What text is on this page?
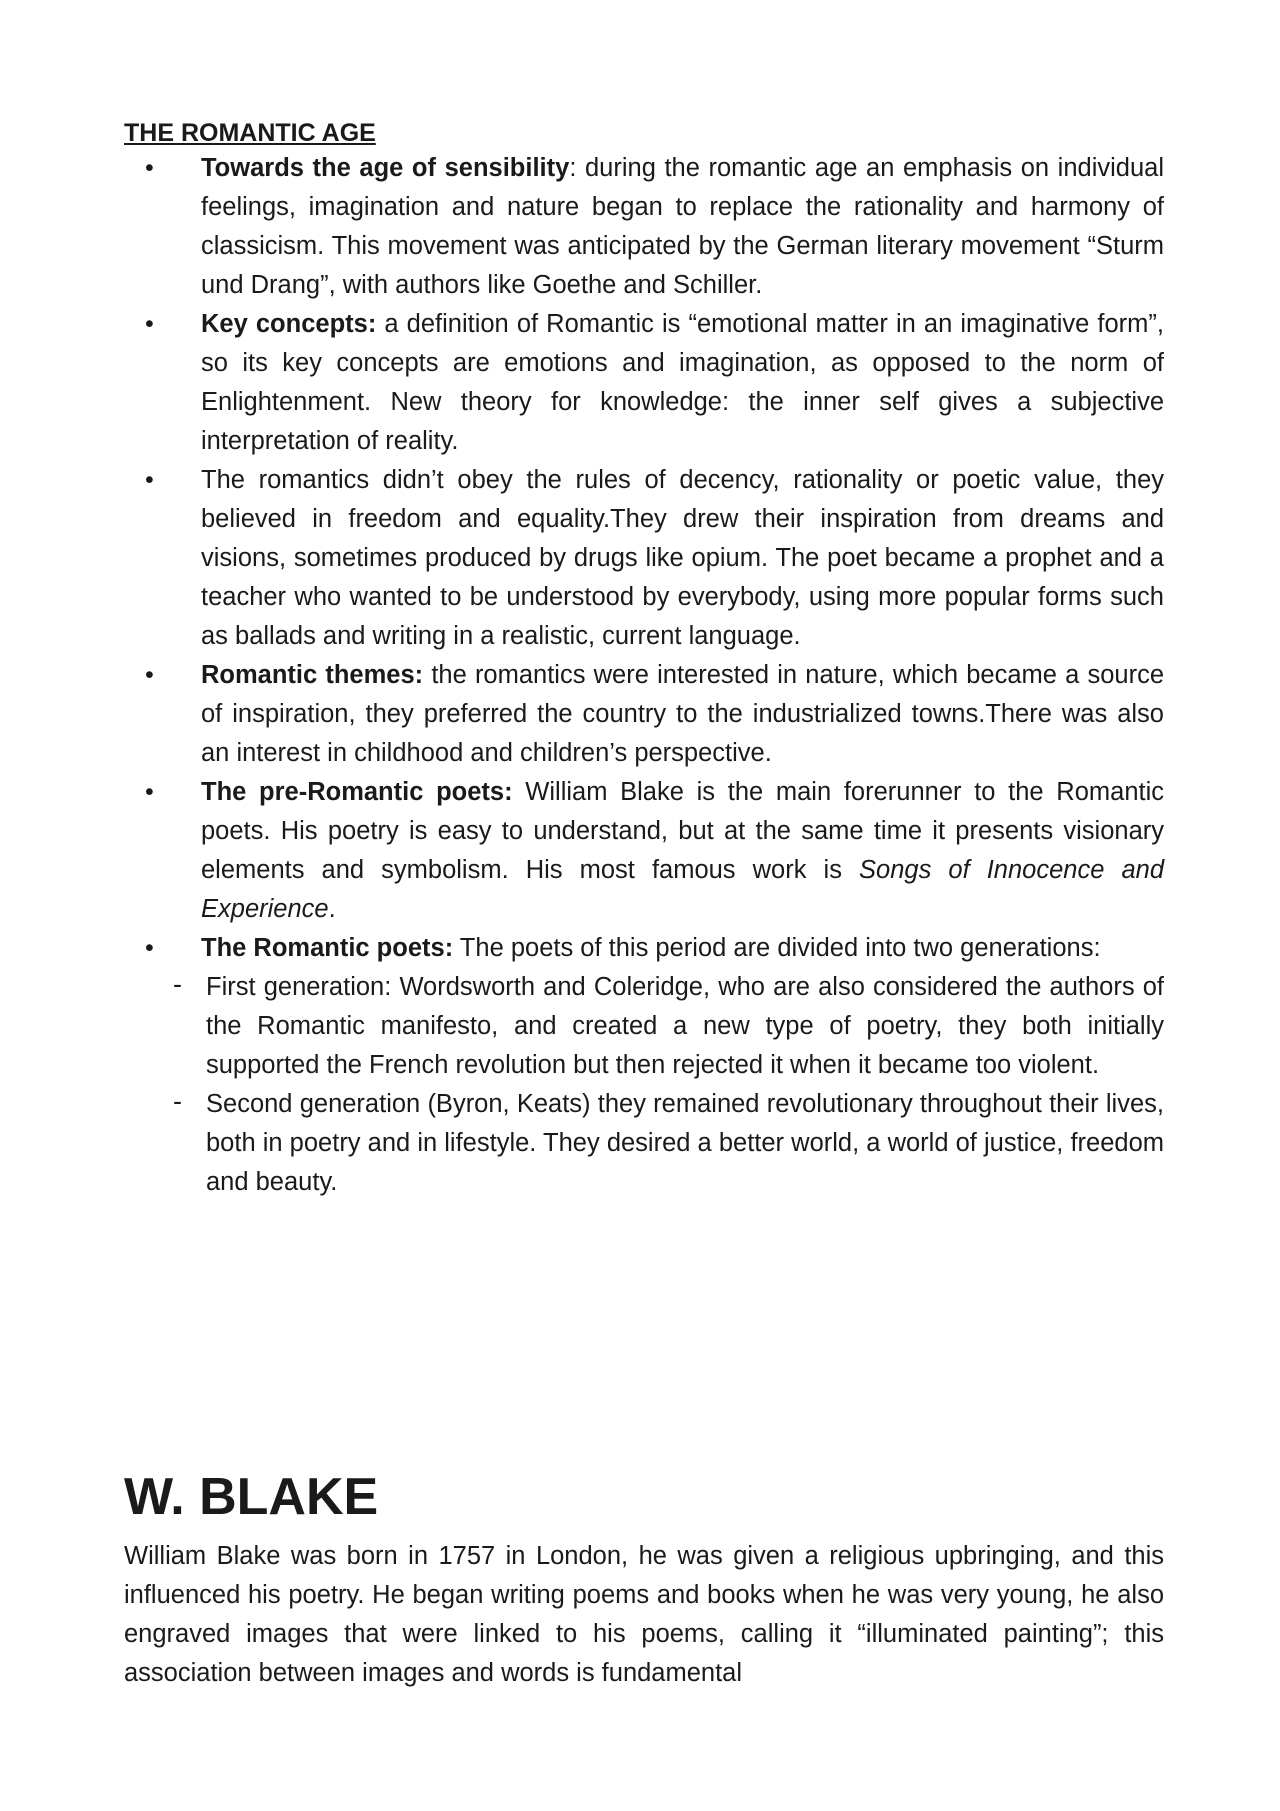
THE ROMANTIC AGE
• Towards the age of sensibility: during the romantic age an emphasis on individual feelings, imagination and nature began to replace the rationality and harmony of classicism. This movement was anticipated by the German literary movement “Sturm und Drang”, with authors like Goethe and Schiller.
• Key concepts: a definition of Romantic is “emotional matter in an imaginative form”, so its key concepts are emotions and imagination, as opposed to the norm of Enlightenment. New theory for knowledge: the inner self gives a subjective interpretation of reality.
• The romantics didn’t obey the rules of decency, rationality or poetic value, they believed in freedom and equality.They drew their inspiration from dreams and visions, sometimes produced by drugs like opium. The poet became a prophet and a teacher who wanted to be understood by everybody, using more popular forms such as ballads and writing in a realistic, current language.
• Romantic themes: the romantics were interested in nature, which became a source of inspiration, they preferred the country to the industrialized towns.There was also an interest in childhood and children’s perspective.
• The pre-Romantic poets: William Blake is the main forerunner to the Romantic poets. His poetry is easy to understand, but at the same time it presents visionary elements and symbolism. His most famous work is Songs of Innocence and Experience.
• The Romantic poets: The poets of this period are divided into two generations:
- First generation: Wordsworth and Coleridge, who are also considered the authors of the Romantic manifesto, and created a new type of poetry, they both initially supported the French revolution but then rejected it when it became too violent.
- Second generation (Byron, Keats) they remained revolutionary throughout their lives, both in poetry and in lifestyle. They desired a better world, a world of justice, freedom and beauty.
W. BLAKE

William Blake was born in 1757 in London, he was given a religious upbringing, and this influenced his poetry. He began writing poems and books when he was very young, he also engraved images that were linked to his poems, calling it “illuminated painting”; this association between images and words is fundamental
